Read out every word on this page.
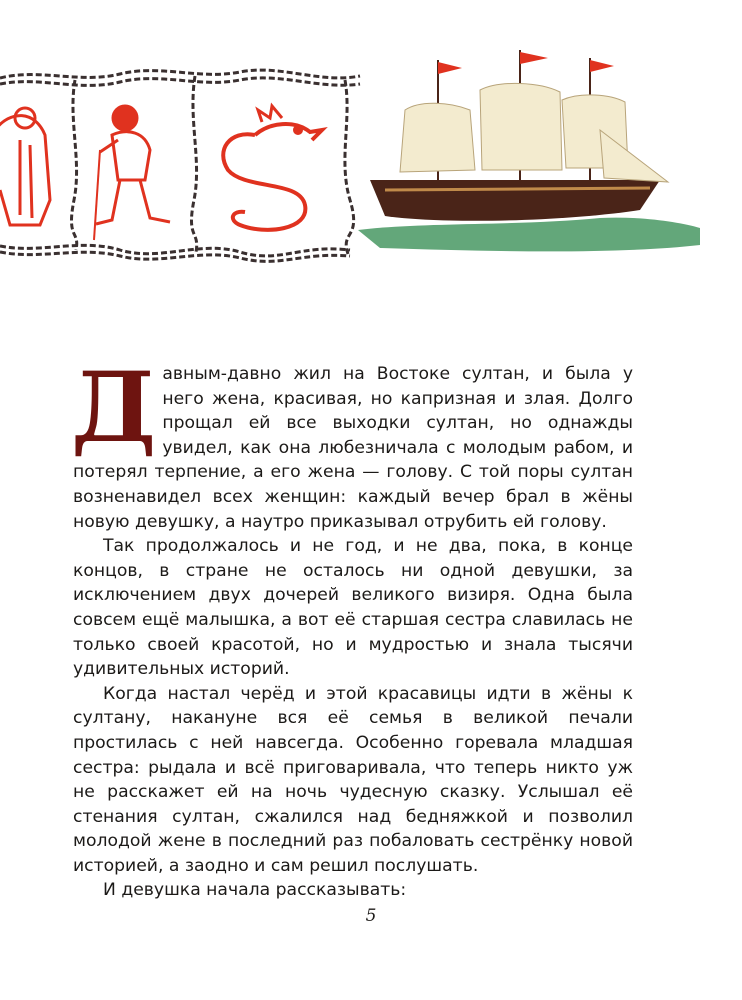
Давным-давно жил на Востоке султан, и была у него жена, красивая, но капризная и злая. Долго прощал ей все выходки султан, но однажды увидел, как она любезничала с молодым рабом, и потерял терпение, а его жена — голову. С той поры султан возненавидел всех женщин: каждый вечер брал в жёны новую девушку, а наутро приказывал отрубить ей голову.

Так продолжалось и не год, и не два, пока, в конце концов, в стране не осталось ни одной девушки, за исключением двух дочерей великого визиря. Одна была совсем ещё малышка, а вот её старшая сестра славилась не только своей красотой, но и мудростью и знала тысячи удивительных историй.

Когда настал черёд и этой красавицы идти в жёны к султану, накануне вся её семья в великой печали простилась с ней навсегда. Особенно горевала младшая сестра: рыдала и всё приговаривала, что теперь никто уж не расскажет ей на ночь чудесную сказку. Услышал её стенания султан, сжалился над бедняжкой и позволил молодой жене в последний раз побаловать сестрёнку новой историей, а заодно и сам решил послушать.

И девушка начала рассказывать:

5
